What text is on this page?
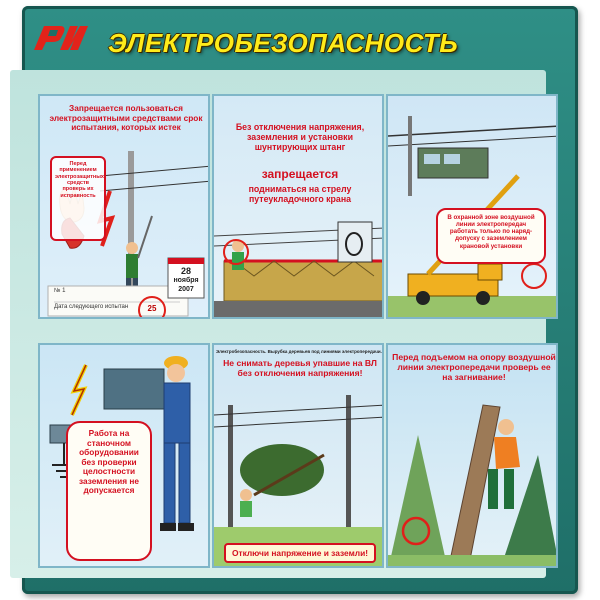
ЭЛЕКТРОБЕЗОПАСНОСТЬ
Запрещается пользоваться электрозащитными средствами срок испытания, которых истек
Перед применением электрозащитных средств проверь их исправность
28
ноября
2007
25
№ 1
Дата следующего испытан
Без отключения напряжения, заземления и установки шунтирующих штанг
запрещается
подниматься на стрелу путеукладочного крана
В охранной зоне воздушной линии электропередач работать только по наряд-допуску с заземлением крановой установки
Работа на станочном оборудовании без проверки целостности заземления не допускается
Электробезопасность. Вырубка деревьев под линиями электропередачи.
Не снимать деревья упавшие на ВЛ без отключения напряжения!
Отключи напряжение и заземли!
Перед подъемом на опору воздушной линии электропередачи проверь ее на загнивание!
